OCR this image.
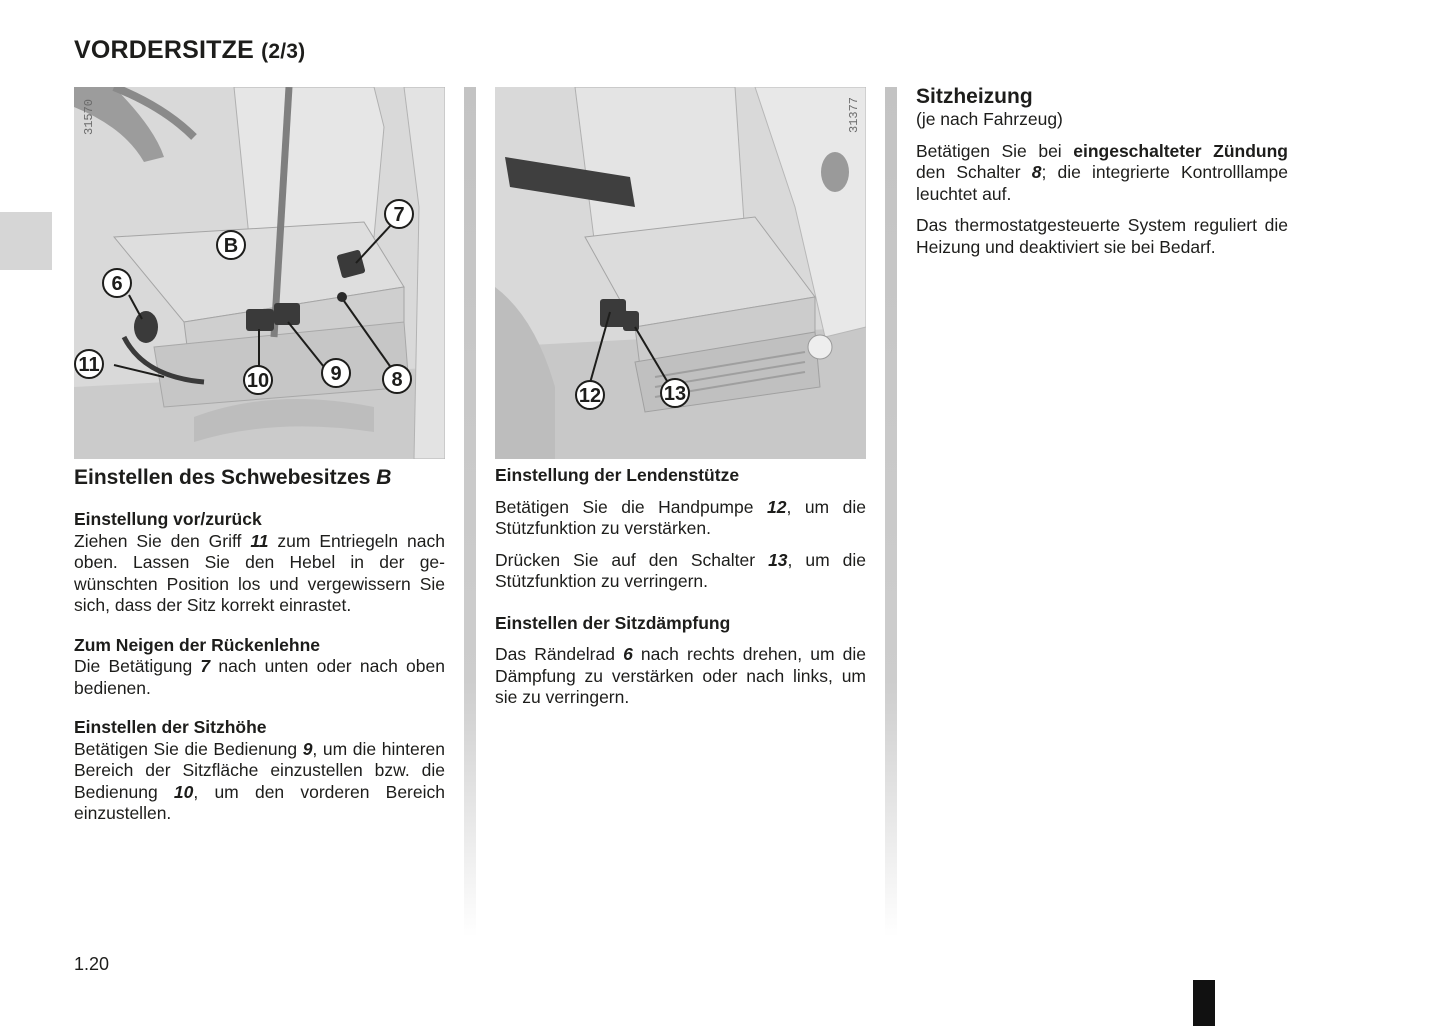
VORDERSITZE (2/3)
31570
B
7
6
11
10	9 8
31377
12	13
Einstellen des Schwebesitzes B
Einstellung vor/zurück

Ziehen Sie den Griff 11 zum Entriegeln nach oben. Lassen Sie den Hebel in der gewünschten Position los und vergewissern Sie sich, dass der Sitz korrekt einrastet.

Zum Neigen der Rückenlehne

Die Betätigung 7 nach unten oder nach oben bedienen.

Einstellen der Sitzhöhe

Betätigen Sie die Bedienung 9, um die hinteren Bereich der Sitzfläche einzustellen bzw. die Bedienung 10, um den vorderen Bereich einzustellen.

Einstellung der Lendenstütze

Betätigen Sie die Handpumpe 12, um die Stützfunktion zu verstärken.

Drücken Sie auf den Schalter 13, um die Stützfunktion zu verringern.

Einstellen der Sitzdämpfung

Das Rändelrad 6 nach rechts drehen, um die Dämpfung zu verstärken oder nach links, um sie zu verringern.

Sitzheizung

(je nach Fahrzeug)

Betätigen Sie bei eingeschalteter Zündung den Schalter 8; die integrierte Kontrolllampe leuchtet auf.

Das thermostatgesteuerte System reguliert die Heizung und deaktiviert sie bei Bedarf.

1.20
